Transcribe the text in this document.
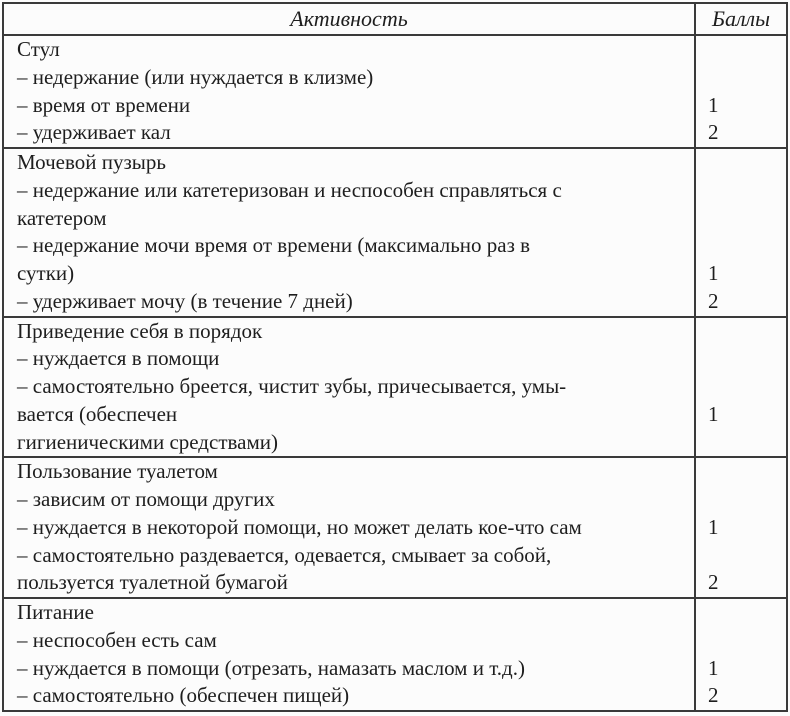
Активность	Баллы
Стул
– недержание (или нуждается в клизме)
– время от времени
– удерживает кал
1
2
Мочевой пузырь
– недержание или катетеризован и неспособен справляться с
катетером
– недержание мочи время от времени (максимально раз в
сутки)
– удерживает мочу (в течение 7 дней)
1
2
Приведение себя в порядок
– нуждается в помощи
– самостоятельно бреется, чистит зубы, причесывается, умы-
вается (обеспечен
гигиеническими средствами)
1
Пользование туалетом
– зависим от помощи других
– нуждается в некоторой помощи, но может делать кое-что сам
– самостоятельно раздевается, одевается, смывает за собой,
пользуется туалетной бумагой
1
2
Питание
– неспособен есть сам
– нуждается в помощи (отрезать, намазать маслом и т.д.)
– самостоятельно (обеспечен пищей)
1
2
